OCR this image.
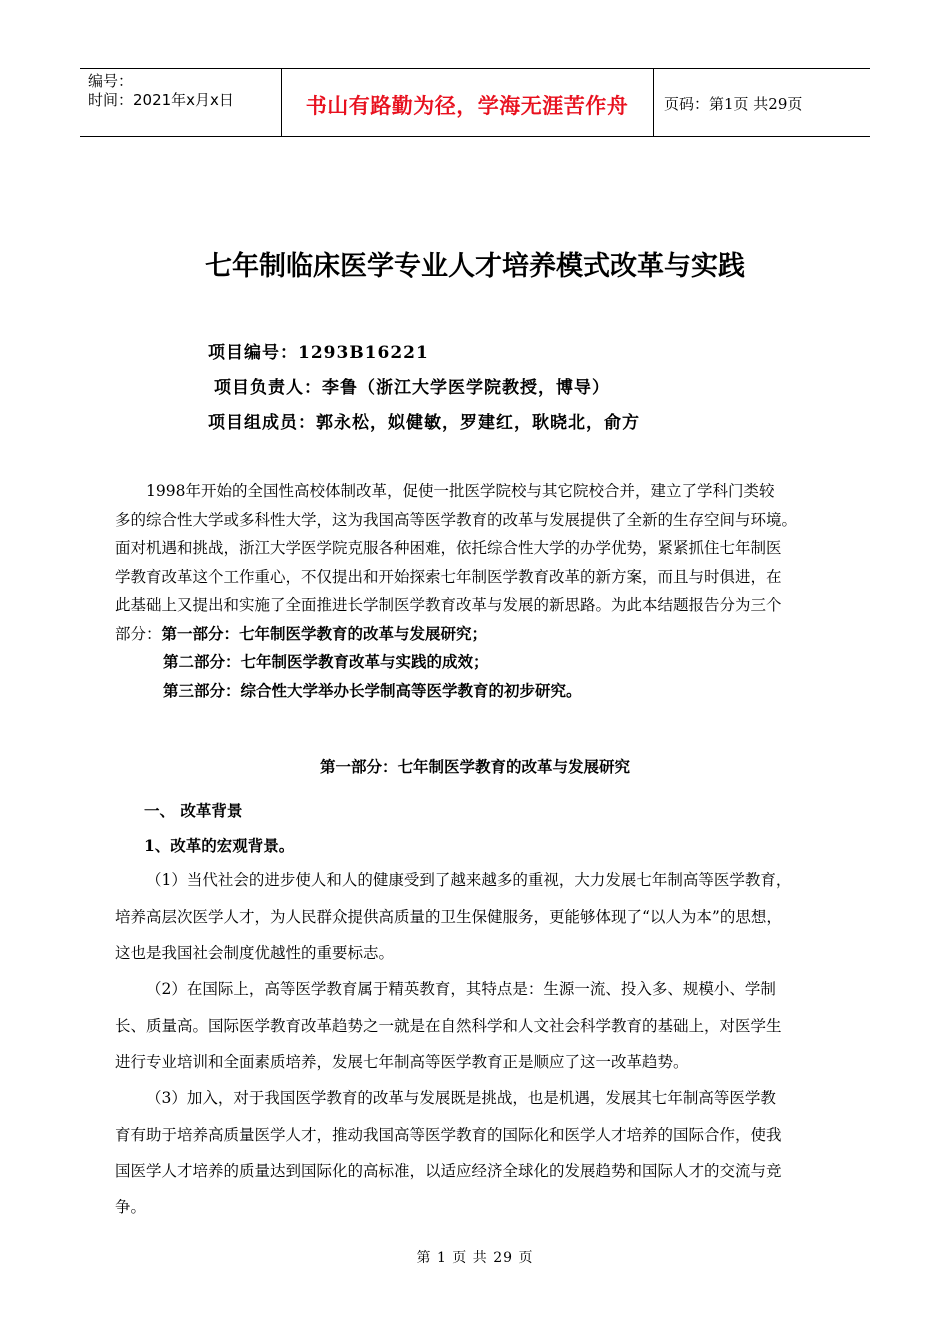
编号：
时间：2021年x月x日	书山有路勤为径，学海无涯苦作舟	页码：第1页 共29页
七年制临床医学专业人才培养模式改革与实践
项目编号：1293B16221
项目负责人：李鲁（浙江大学医学院教授，博导）
项目组成员：郭永松，姒健敏，罗建红，耿晓北，俞方
1998年开始的全国性高校体制改革，促使一批医学院校与其它院校合并，建立了学科门类较
多的综合性大学或多科性大学，这为我国高等医学教育的改革与发展提供了全新的生存空间与环境。
面对机遇和挑战，浙江大学医学院克服各种困难，依托综合性大学的办学优势，紧紧抓住七年制医
学教育改革这个工作重心，不仅提出和开始探索七年制医学教育改革的新方案，而且与时俱进，在
此基础上又提出和实施了全面推进长学制医学教育改革与发展的新思路。为此本结题报告分为三个
部分：第一部分：七年制医学教育的改革与发展研究；
第二部分：七年制医学教育改革与实践的成效；
第三部分：综合性大学举办长学制高等医学教育的初步研究。
第一部分：七年制医学教育的改革与发展研究
一、 改革背景
1、改革的宏观背景。
（1）当代社会的进步使人和人的健康受到了越来越多的重视，大力发展七年制高等医学教育，
培养高层次医学人才，为人民群众提供高质量的卫生保健服务，更能够体现了“以人为本”的思想，
这也是我国社会制度优越性的重要标志。
（2）在国际上，高等医学教育属于精英教育，其特点是：生源一流、投入多、规模小、学制
长、质量高。国际医学教育改革趋势之一就是在自然科学和人文社会科学教育的基础上，对医学生
进行专业培训和全面素质培养，发展七年制高等医学教育正是顺应了这一改革趋势。
（3）加入，对于我国医学教育的改革与发展既是挑战，也是机遇，发展其七年制高等医学教
育有助于培养高质量医学人才，推动我国高等医学教育的国际化和医学人才培养的国际合作，使我
国医学人才培养的质量达到国际化的高标准，以适应经济全球化的发展趋势和国际人才的交流与竞
争。
第 1 页 共 29 页
